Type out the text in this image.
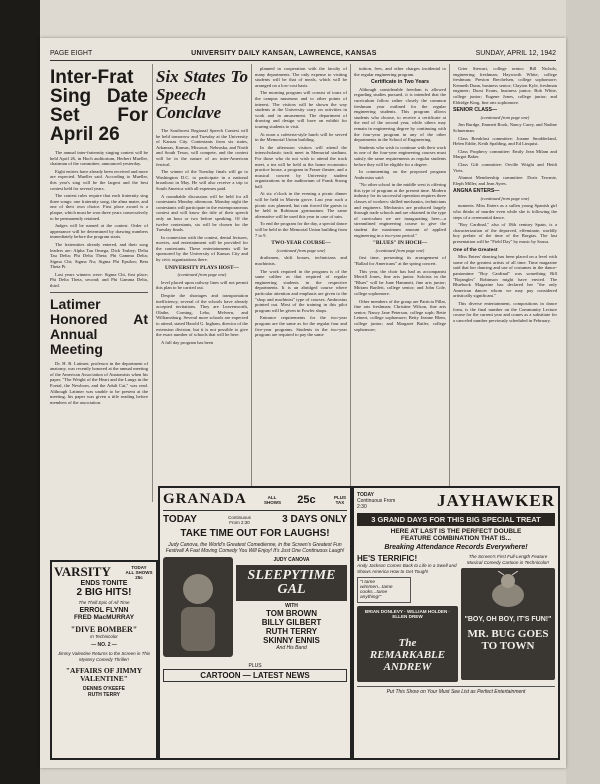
PAGE EIGHT	UNIVERSITY DAILY KANSAN, LAWRENCE, KANSAS	SUNDAY, APRIL 12, 1942
Inter-Frat Sing Date Set For April 26

The annual inter-fraternity singing contest will be held April 26, in Hoch auditorium, Herbert Mueller, chairman of the committee, announced yesterday.

Eight entries have already been received and more are expected. Mueller said. According to Mueller, this year's sing will be the largest and the best contest held for several years.

The contest rules require that each fraternity sing three songs: one fraternity song, the alma mater, and one of their own choice. First place award is a plaque, which must be won three years consecutively to be permanently retained.

Judges will be named at the contest. Order of appearance will be determined by drawing numbers immediately before the program starts.

The fraternities already entered, and their song leaders are: Alpha Tau Omega, Dick Trubey; Delta Tau Delta; Phi Delta Theta; Phi Gamma Delta; Sigma Chi; Sigma Nu; Sigma Phi Epsilon; Beta Theta Pi.

Last years winners were: Sigma Chi, first place; Phi Delta Theta, second; and Phi Gamma Delta, third.

Latimer Honored At Annual Meeting

Dr. H. B. Latimer, professor in the department of anatomy, was recently honored at the annual meeting of the American Association of Anatomists when his paper, "The Weight of the Heart and the Lungs in the Foetal, the Newborn, and the Adult Cat," was read. Although Latimer was unable to be present at the meeting, his paper was given a title reading before members of the association.

Six States To Speech Conclave

The Southwest Regional Speech Contest will be held tomorrow and Tuesday at the University of Kansas City. Contestants from six states, Arkansas, Kansas, Missouri, Nebraska, and North and South Texas, will compete, and the contest will be in the nature of an inter-American festival.

The winner of the Tuesday finals will go to Washington D.C. to participate in a national broadcast in May. He will also receive a trip to South America with all expenses paid.

A roundtable discussion will be held for all contestants Monday afternoon. Monday night the contestants will participate in the extemporaneous contest and will know the title of their speech only an hour or two before speaking. Of the twelve contestants, six will be chosen for the Tuesday finals.

In connection with the contest, dental lectures, movies, and entertainment will be provided for the contestants. These entertainments will be sponsored by the University of Kansas City and by civic organizations there.

UNIVERSITY PLAYS HOST—
(continued from page one)

level placed upon railway lines will not permit this plan to be carried out.

Despite the shortages and transportation inefficiency, several of the schools have already accepted invitations. They are Leavenworth, Olathe, Corning, Lebo, Melvern, and Williamsburg. Several more schools are expected to attend, stated Harold G. Ingham, director of the extension division, but it is not possible to give the exact number of schools that will be here.

A full day program has been

planned in cooperation with the faculty of many departments. The only expense to visiting students will be that of meals, which will be arranged on a low-cost basis.

The morning program will consist of tours of the campus museums and to other points of interest. The visitors will be shown the way students at the University carry on activities in work and in amusement. The department of drawing and design will have an exhibit for touring students to visit.

At noon a cafeteria-style lunch will be served in the Memorial Union building.

In the afternoon visitors will attend the interscholastic track meet in Memorial stadium. For those who do not wish to attend the track meet, a tea will be held at the home economics practice house, a program in Fraser theater, and a musical concert by University student organizations in the auditorium of Frank Strong hall.

At six o'clock in the evening a picnic dinner will be held in Marvin grove. Last year such a picnic was planned, but rain forced the guests to be held in Robinson gymnasium. The same alternative will be used this year in case of rain.

To end the program for the day, a special dance will be held in the Memorial Union building from 7 to 9.

TWO-YEAR COURSE—
(continued from page one)

draftsmen, shift bosses, technicians and machinists.

The work required in the program is of the same caliber as that required of regular engineering students in the respective departments. It is an abridged course where particular attention and emphasis are given to the "shop and machinist" type of courses. Ambrosius pointed out. Most of the training in this pilot program will be given in Fowler shops.

Entrance requirements for the two-year program are the same as for the regular four and five-year programs. Students in the two-year program are required to pay the same

tuition, fees, and other charges incidental to the regular engineering program.

Certificate in Two Years

Although considerable freedom is allowed regarding studies pursued, it is intended that the curriculum follow rather closely the common freshman year outlined for the regular engineering students. This program allows students who choose, to receive a certificate at the end of the second year, while others may remain in engineering degree by continuing with the four-year program in any of the other departments in the School of Engineering.

Students who wish to continue with their work in one of the four-year engineering courses must satisfy the same requirements as regular students before they will be eligible for a degree.

In commenting on the proposed program Ambrosius said:

"No other school in the middle west is offering this type of program at the present time. Modern industry for its successful operation requires three classes of workers: skilled mechanics, technicians and engineers. Mechanics are produced largely through trade schools and are obtained in the type of curriculum we are inaugurating here—a streamlined engineering course to give the student the maximum amount of applied engineering in a two-year period."

"BLUES" IN HOCH—
(continued from page one)

first time, presenting its arrangement of "Ballad for Americans" at the spring concert.

This year, the choir has had as accompanist Merrill Jones, fine arts junior. Soloists in the "Blues" will be June Hammett, fine arts junior; Miriam Bartlett, college senior; and John Cole, college sophomore.

Other members of the group are Patricia Pillar, fine arts freshman; Christine Wilson, fine arts senior; Nancy Jane Peterson, college soph; Bette Leinert, college sophomore; Betty Jeanne Blem, college junior; and Margaret Butler, college sophomore;

Grier Stewart, college senior; Bill Nichols, engineering freshman; Hayworth White, college freshman; Preston Brechelsen, college sophomore; Kenneth Dunn, business senior; Clayton Kyle, freshman engineer; Durst Evans, business junior; Bob White, college junior; Eugene Jones, college junior; and Eldridge King, fine arts sophomore.

SENIOR CLASS—
(continued from page one)

Jim Burdge, Emmett Rook, Nancy Carey, and Nadine Schuerman.

Class Breakfast committee: Joanne Snodderland, Helen Eddie, Keith Spalding, and Ed Linquist.

Class Prophecy committee: Emily Jean Milam and Margot Baker.

Class Gift committee: Orville Wright and Heidi Viets.

Alumni Membership committee: Doris Tewmie, Eleph Miller, and Jean Ayres.

ANGNA ENTERS—
(continued from page one)

numents. Miss Enters as a sullen young Spanish girl who thinks of murder even while she is following the steps of a ceremonial dance.

"Boy Cardinal," also of 18th century Spain, is a characterization of the depraved, effeminate, worldly boy prelate of the time of the Borgias. The last presentation will be "Field Day" by music by Sousa.

One of the Greatest

Miss Enters' dancing has been placed on a level with some of the greatest artists of all time. Time magazine said that her dancing and use of costumes in the dance-pantomime "Boy Cardinal" was something Bill "Bojangles" Robinson might have envied. The Bluebook Magazine has declared her "the only American dancer whom we may pay considered artistically significant."

This diverse entertainment, compositions in dance form, is the final number on the Community Lecture course for the current year and comes as a substitute for a canceled number previously scheduled in February.

VARSITY	TODAY
ALL SHOWS 25c
ENDS TONITE
2 BIG HITS!
The Thrill Epic of All Time
ERROL FLYNN
FRED MacMURRAY
"DIVE BOMBER"
In Technicolor
— NO. 2 —
Jimmy Valentine Returns to the Screen in This Mystery Comedy Thriller!
"AFFAIRS OF JIMMY VALENTINE"
DENNIS O'KEEFE
RUTH TERRY
GRANADA	ALL SHOWS 25c	PLUS TAX
TODAY	Continuous From 2:30	3 DAYS ONLY
TAKE TIME OUT FOR LAUGHS!
Judy Canova, the World's Greatest Comedienne, in the Screen's Greatest Fun Festival! A Fast Moving Comedy You Will Enjoy! It's Just One Continuous Laugh!
JUDY CANOVA
SLEEPYTIME GAL
WITH
TOM BROWN
BILLY GILBERT
RUTH TERRY
SKINNY ENNIS
And His Band
PLUS
CARTOON — LATEST NEWS
TODAY
Continuous From 2:30	JAYHAWKER
3 GRAND DAYS FOR THIS BIG SPECIAL TREAT
HERE AT LAST IS THE PERFECT DOUBLE
FEATURE COMBINATION THAT IS...
Breaking Attendance Records Everywhere!
HE'S TERRIFIC!
Andy Jackson Comes Back to Life in a Swell and Shows America How to Get Tough!
"I tame wimmen...tame cooks...tame anything!"
BRIAN DONLEVY · WILLIAM HOLDEN · ELLEN DREW
The REMARKABLE ANDREW
The Screen's First Full-Length Feature Musical Comedy Cartoon in Technicolor!
"BOY, OH BOY, IT'S FUN!"
MR. BUG GOES TO TOWN
Put This Show on Your Must See List as Perfect Entertainment
